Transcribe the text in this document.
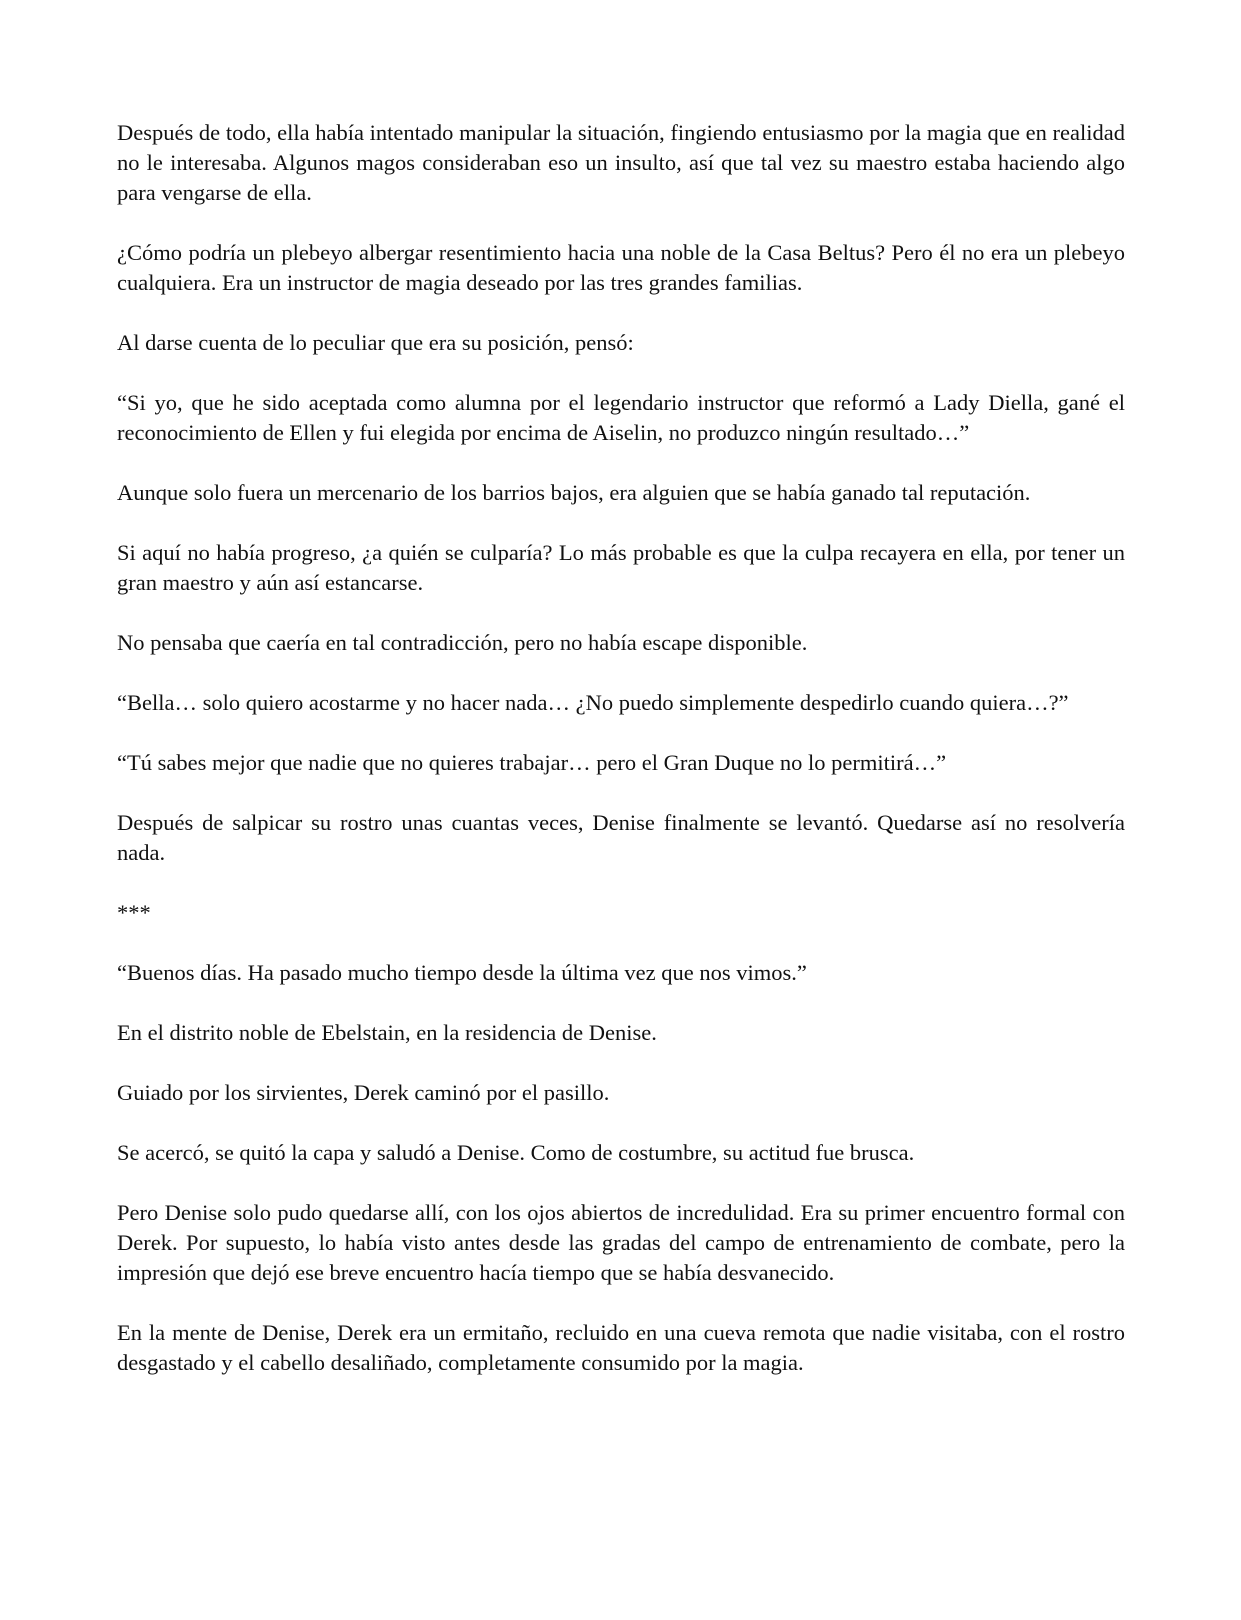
Después de todo, ella había intentado manipular la situación, fingiendo entusiasmo por la magia que en realidad no le interesaba. Algunos magos consideraban eso un insulto, así que tal vez su maestro estaba haciendo algo para vengarse de ella.

¿Cómo podría un plebeyo albergar resentimiento hacia una noble de la Casa Beltus? Pero él no era un plebeyo cualquiera. Era un instructor de magia deseado por las tres grandes familias.

Al darse cuenta de lo peculiar que era su posición, pensó:

“Si yo, que he sido aceptada como alumna por el legendario instructor que reformó a Lady Diella, gané el reconocimiento de Ellen y fui elegida por encima de Aiselin, no produzco ningún resultado…”

Aunque solo fuera un mercenario de los barrios bajos, era alguien que se había ganado tal reputación.

Si aquí no había progreso, ¿a quién se culparía? Lo más probable es que la culpa recayera en ella, por tener un gran maestro y aún así estancarse.

No pensaba que caería en tal contradicción, pero no había escape disponible.

“Bella… solo quiero acostarme y no hacer nada… ¿No puedo simplemente despedirlo cuando quiera…?”

“Tú sabes mejor que nadie que no quieres trabajar… pero el Gran Duque no lo permitirá…”

Después de salpicar su rostro unas cuantas veces, Denise finalmente se levantó. Quedarse así no resolvería nada.

***

“Buenos días. Ha pasado mucho tiempo desde la última vez que nos vimos.”

En el distrito noble de Ebelstain, en la residencia de Denise.

Guiado por los sirvientes, Derek caminó por el pasillo.

Se acercó, se quitó la capa y saludó a Denise. Como de costumbre, su actitud fue brusca.

Pero Denise solo pudo quedarse allí, con los ojos abiertos de incredulidad. Era su primer encuentro formal con Derek. Por supuesto, lo había visto antes desde las gradas del campo de entrenamiento de combate, pero la impresión que dejó ese breve encuentro hacía tiempo que se había desvanecido.

En la mente de Denise, Derek era un ermitaño, recluido en una cueva remota que nadie visitaba, con el rostro desgastado y el cabello desaliñado, completamente consumido por la magia.
